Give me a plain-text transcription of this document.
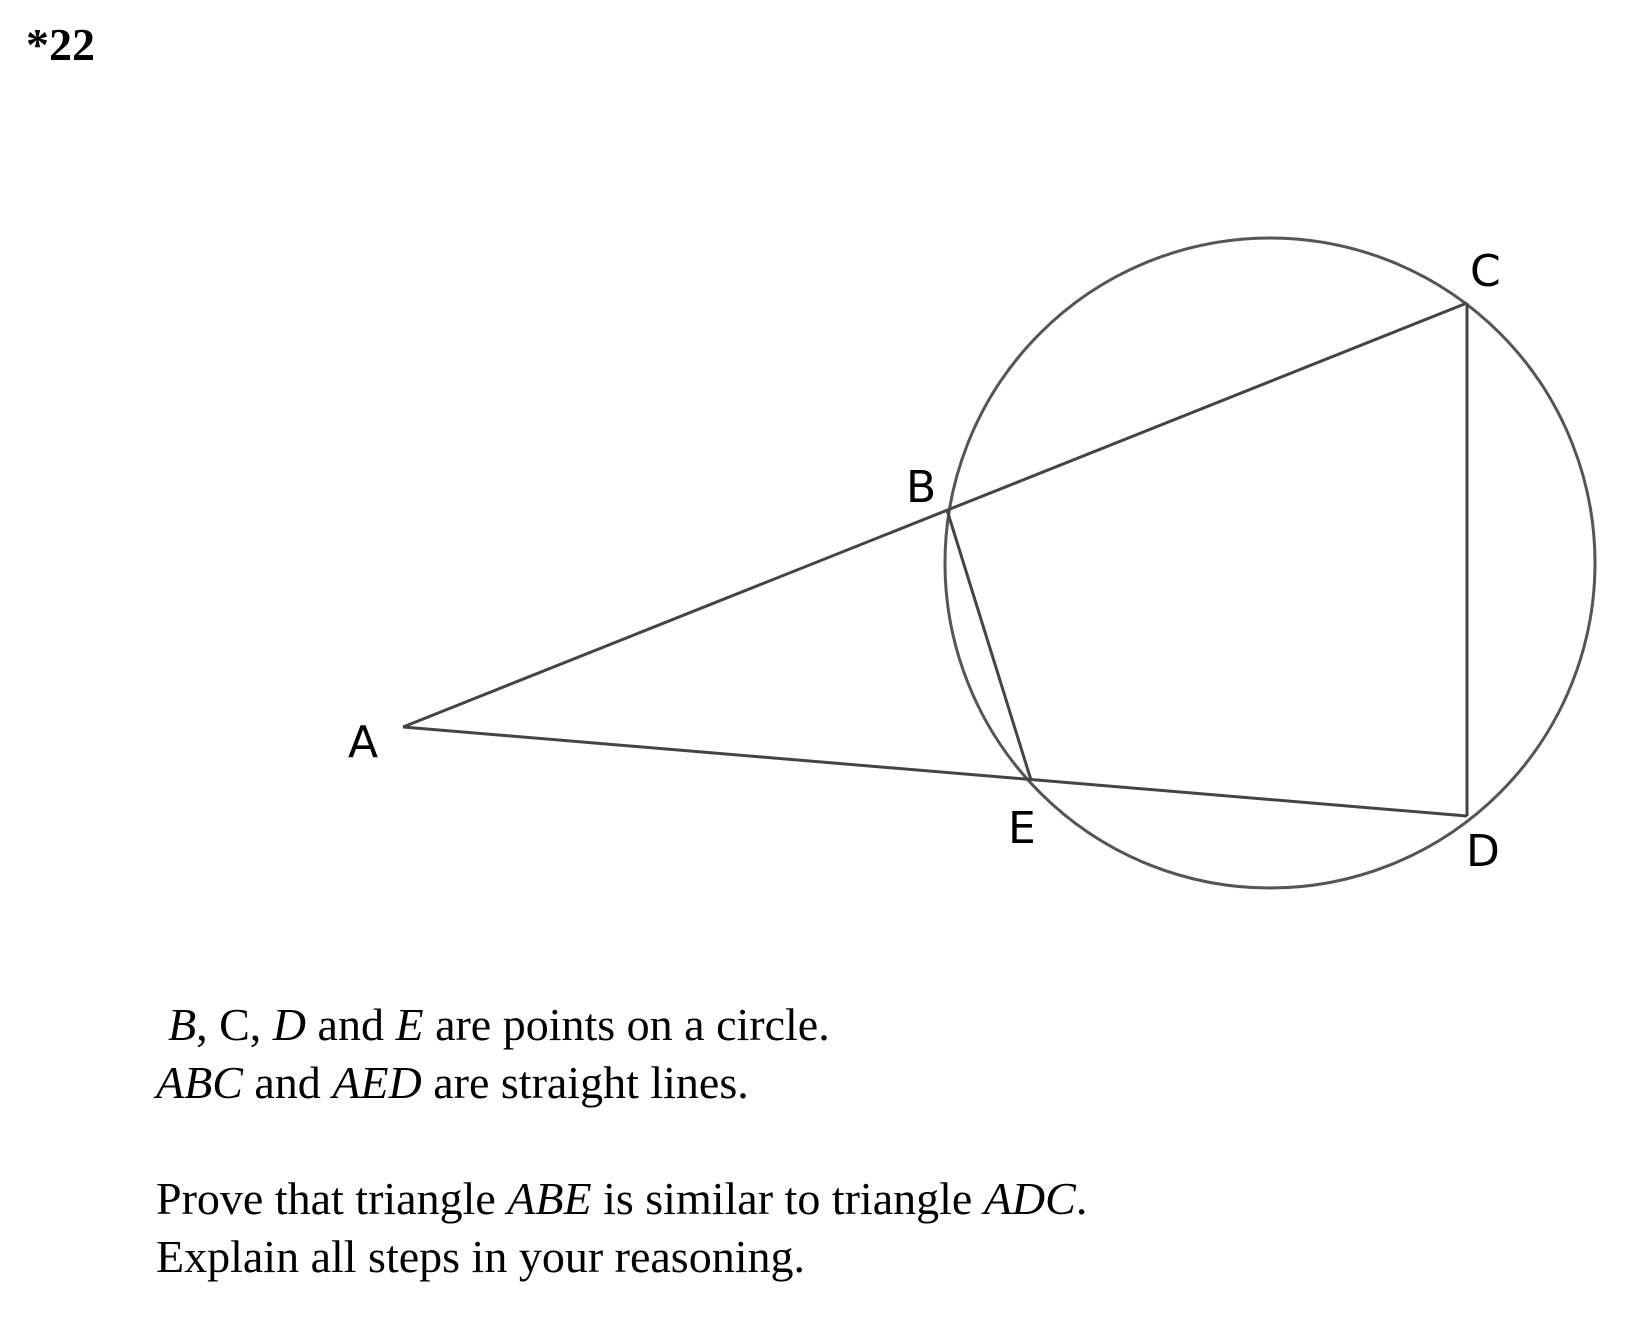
*22
A
B
C
D
E

B, C, D and E are points on a circle.

ABC and AED are straight lines.

Prove that triangle ABE is similar to triangle ADC.

Explain all steps in your reasoning.
